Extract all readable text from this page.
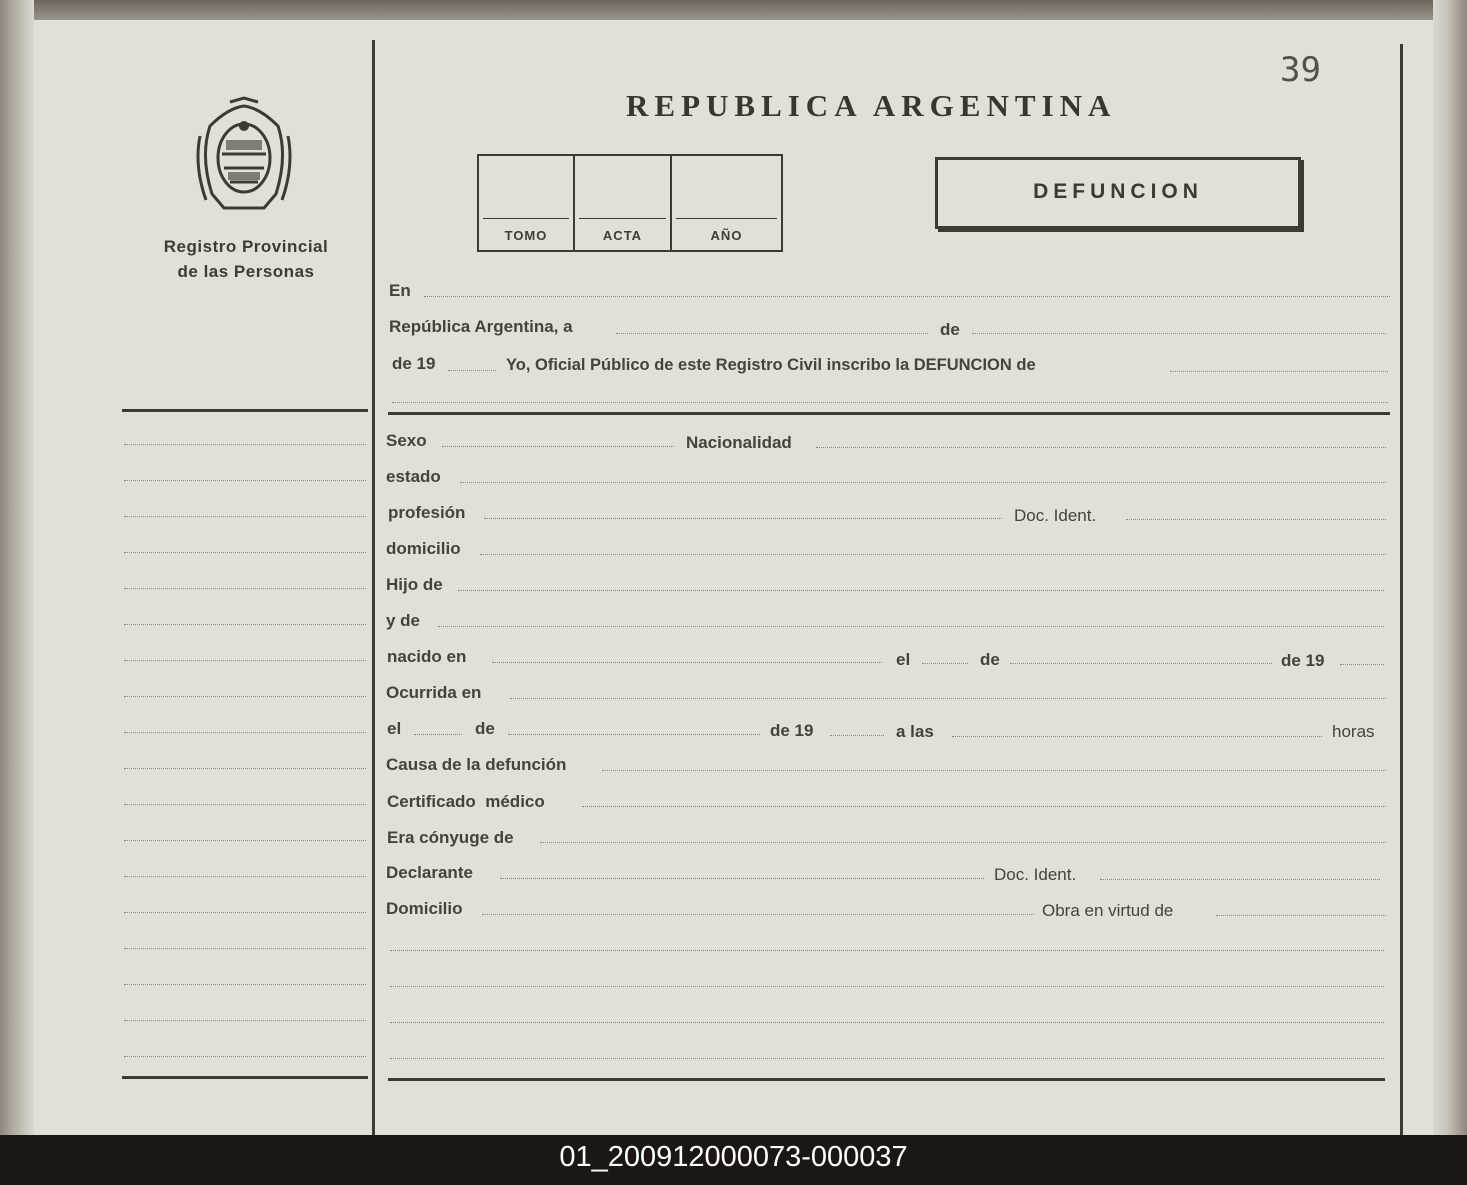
39
REPUBLICA ARGENTINA
Registro Provincial
de las Personas
TOMO	ACTA	AÑO
DEFUNCION
En
República Argentina, a	de
de 19	Yo, Oficial Público de este Registro Civil inscribo la DEFUNCION de
Sexo	Nacionalidad
estado
profesión	Doc. Ident.
domicilio
Hijo de
y de
nacido en	el	de	de 19
Ocurrida en
el	de	de 19	a las	horas
Causa de la defunción
Certificado  médico
Era cónyuge de
Declarante	Doc. Ident.
Domicilio	Obra en virtud de
01_200912000073-000037
